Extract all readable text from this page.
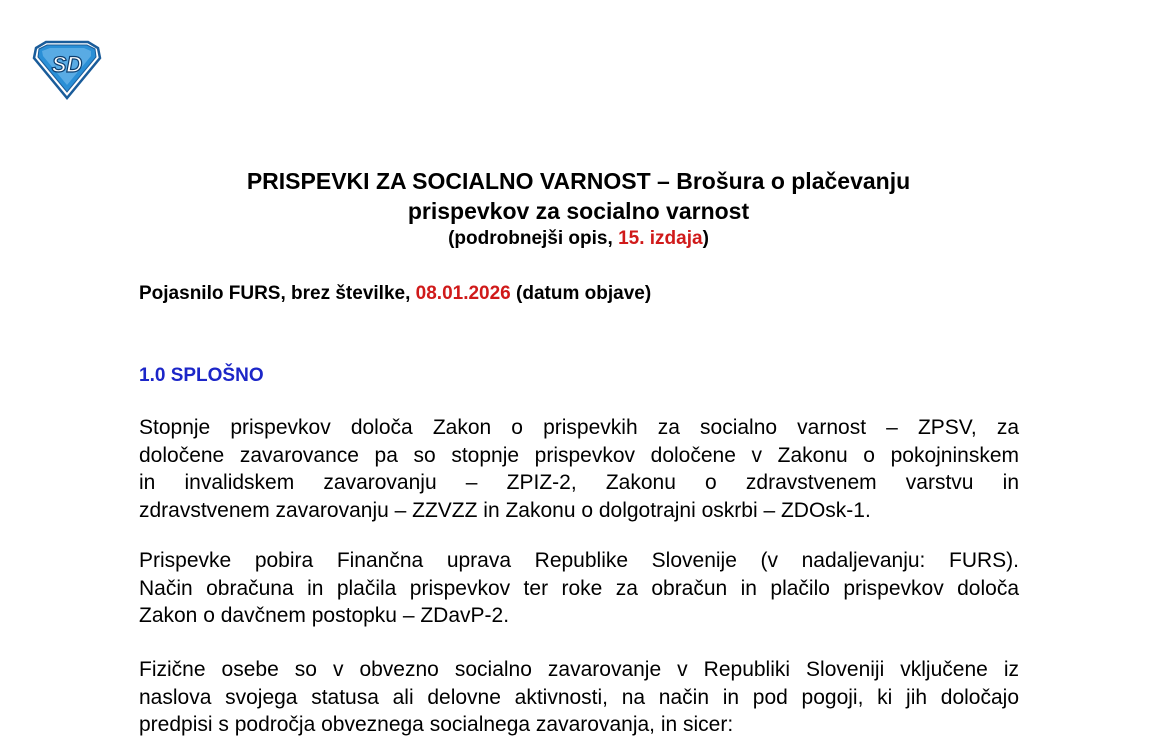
SD
PRISPEVKI ZA SOCIALNO VARNOST – Brošura o plačevanju
prispevkov za socialno varnost
(podrobnejši opis, 15. izdaja)
Pojasnilo FURS, brez številke, 08.01.2026 (datum objave)
1.0 SPLOŠNO
Stopnje prispevkov določa Zakon o prispevkih za socialno varnost – ZPSV, za
določene zavarovance pa so stopnje prispevkov določene v Zakonu o pokojninskem
in invalidskem zavarovanju – ZPIZ-2, Zakonu o zdravstvenem varstvu in
zdravstvenem zavarovanju – ZZVZZ in Zakonu o dolgotrajni oskrbi – ZDOsk-1.
Prispevke pobira Finančna uprava Republike Slovenije (v nadaljevanju: FURS).
Način obračuna in plačila prispevkov ter roke za obračun in plačilo prispevkov določa
Zakon o davčnem postopku – ZDavP-2.
Fizične osebe so v obvezno socialno zavarovanje v Republiki Sloveniji vključene iz
naslova svojega statusa ali delovne aktivnosti, na način in pod pogoji, ki jih določajo
predpisi s področja obveznega socialnega zavarovanja, in sicer:
